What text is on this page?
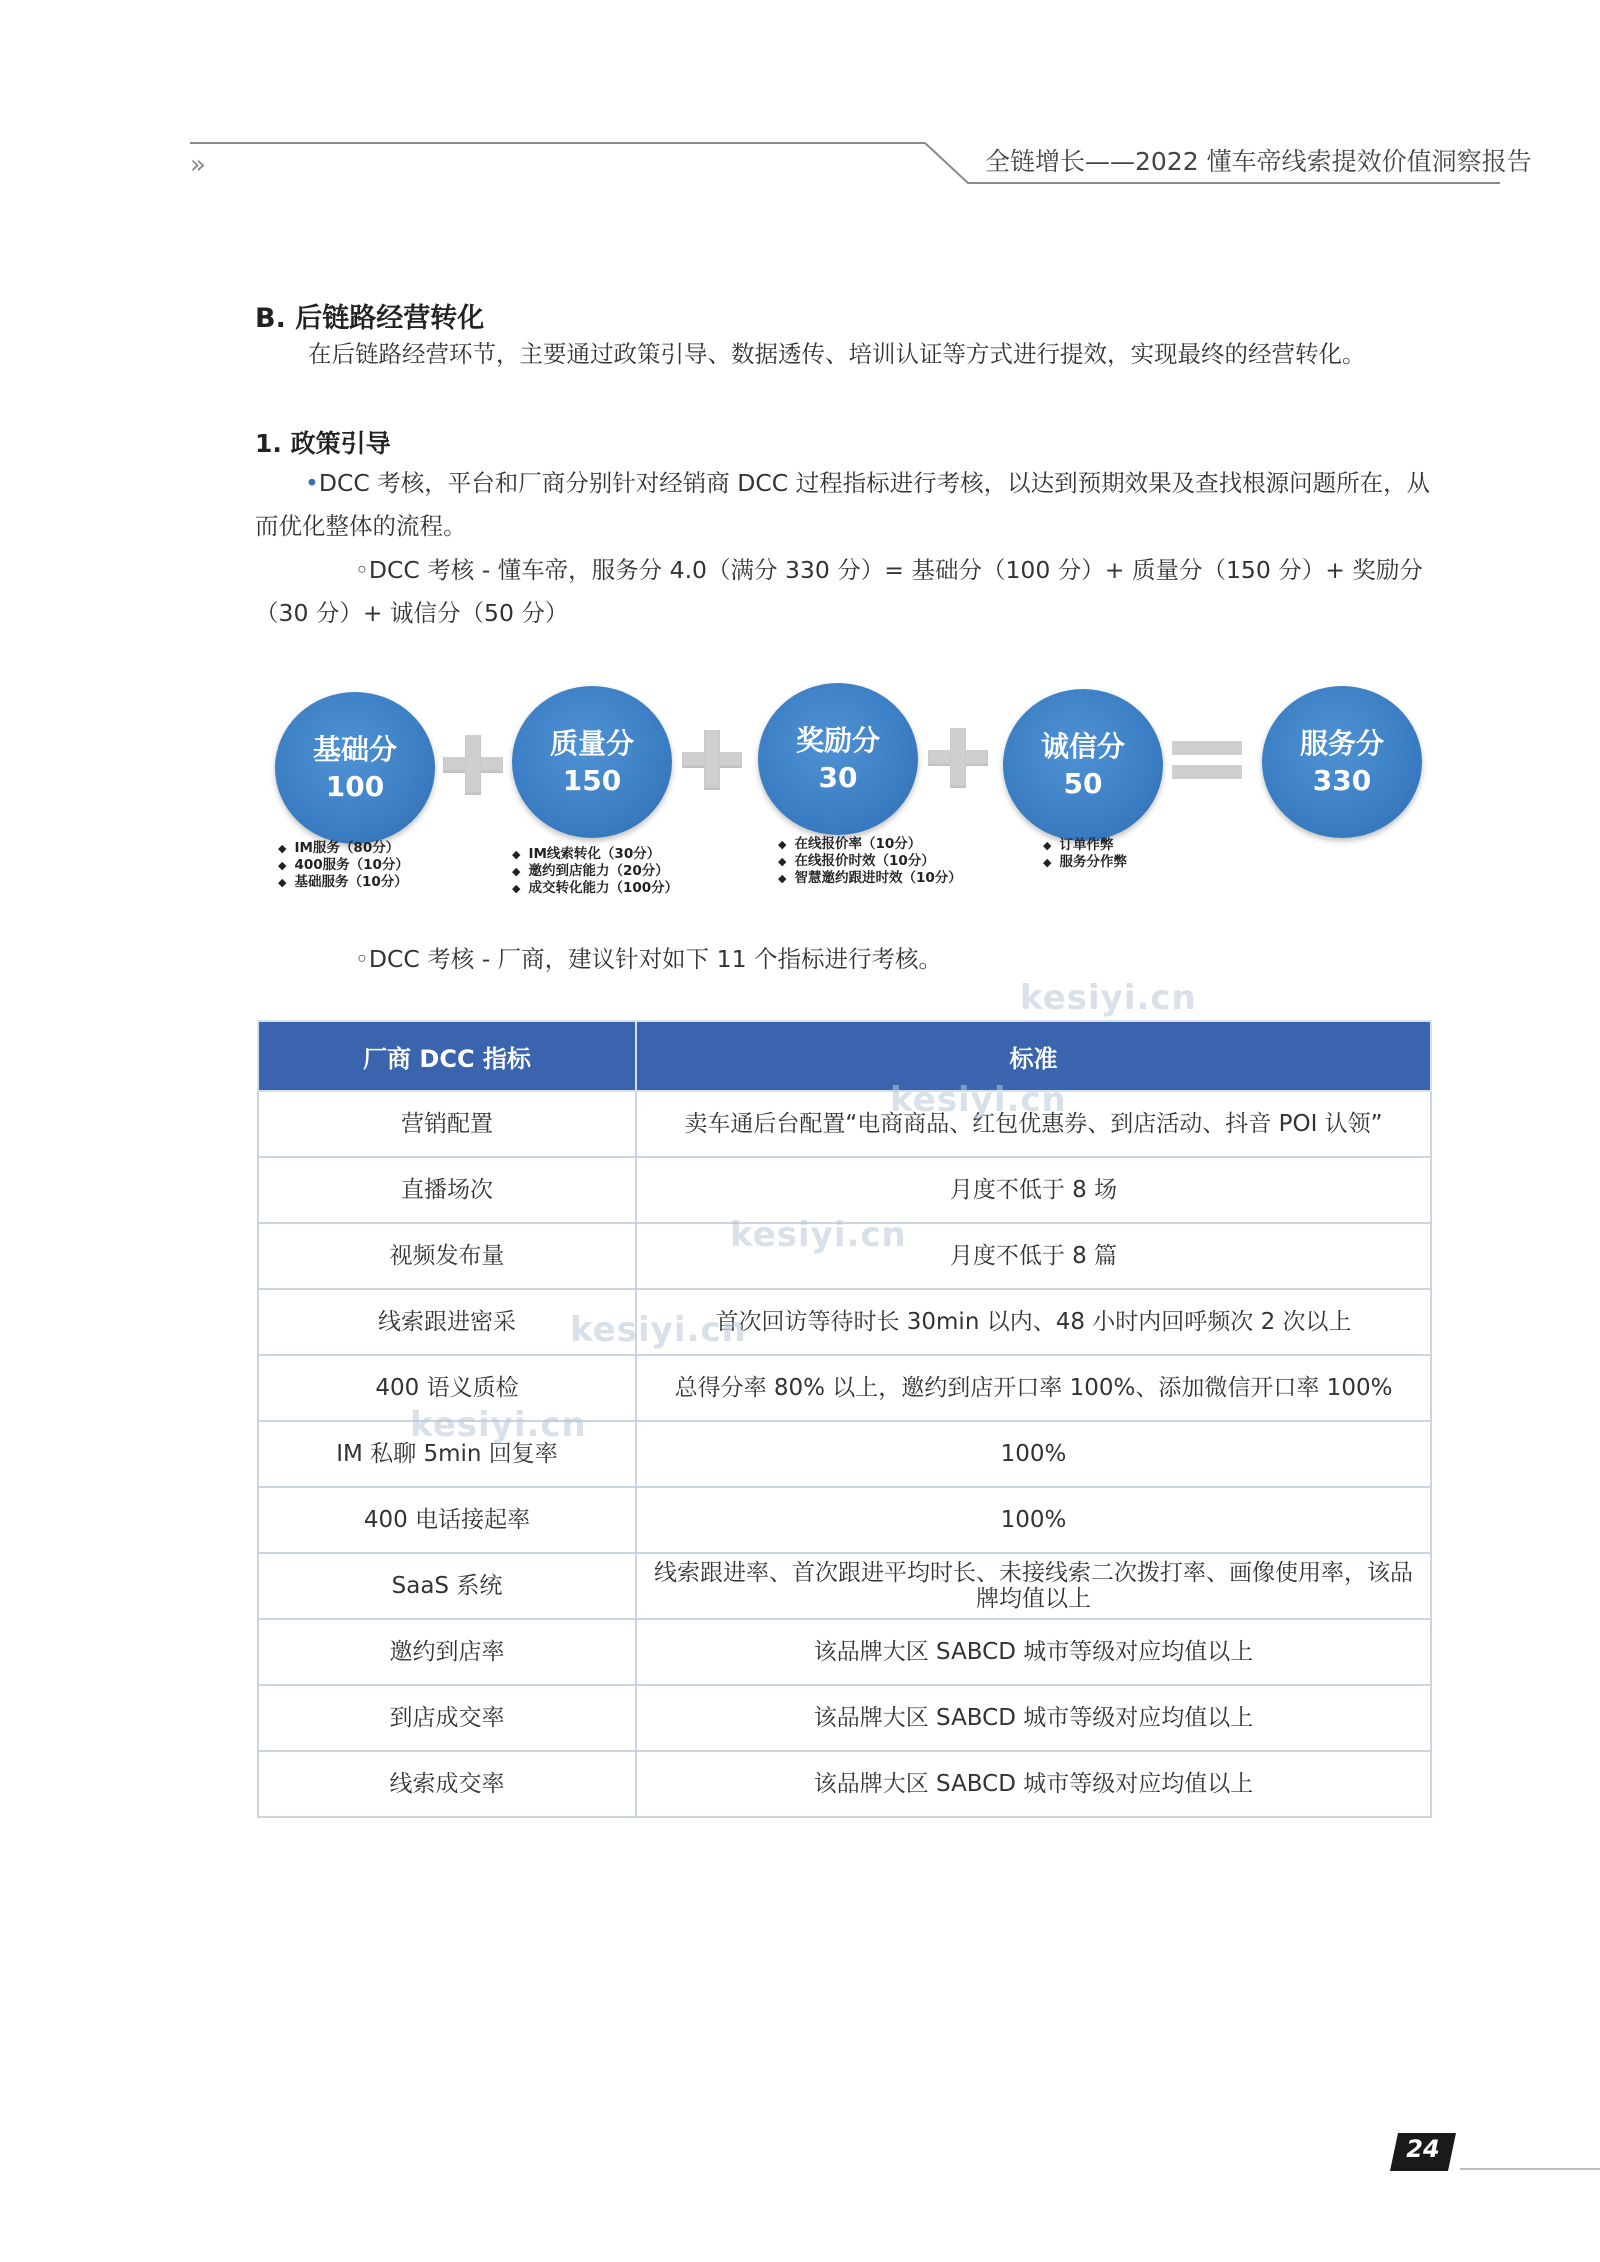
»	全链增长——2022 懂车帝线索提效价值洞察报告
B. 后链路经营转化
在后链路经营环节，主要通过政策引导、数据透传、培训认证等方式进行提效，实现最终的经营转化。
1. 政策引导
•DCC 考核，平台和厂商分别针对经销商 DCC 过程指标进行考核，以达到预期效果及查找根源问题所在，从而优化整体的流程。
◦DCC 考核 - 懂车帝，服务分 4.0（满分 330 分）= 基础分（100 分）+ 质量分（150 分）+ 奖励分（30 分）+ 诚信分（50 分）
基础分
100
质量分
150
奖励分
30
诚信分
50
服务分
330
◆ IM服务（80分）
◆ 400服务（10分）
◆ 基础服务（10分）
◆ IM线索转化（30分）
◆ 邀约到店能力（20分）
◆ 成交转化能力（100分）
◆ 在线报价率（10分）
◆ 在线报价时效（10分）
◆ 智慧邀约跟进时效（10分）
◆ 订单作弊
◆ 服务分作弊
◦DCC 考核 - 厂商，建议针对如下 11 个指标进行考核。
厂商 DCC 指标	标准
营销配置	卖车通后台配置“电商商品、红包优惠券、到店活动、抖音 POI 认领”
直播场次	月度不低于 8 场
视频发布量	月度不低于 8 篇
线索跟进密采	首次回访等待时长 30min 以内、48 小时内回呼频次 2 次以上
400 语义质检	总得分率 80% 以上，邀约到店开口率 100%、添加微信开口率 100%
IM 私聊 5min 回复率	100%
400 电话接起率	100%
SaaS 系统	线索跟进率、首次跟进平均时长、未接线索二次拨打率、画像使用率，该品牌均值以上
邀约到店率	该品牌大区 SABCD 城市等级对应均值以上
到店成交率	该品牌大区 SABCD 城市等级对应均值以上
线索成交率	该品牌大区 SABCD 城市等级对应均值以上
kesiyi.cn
kesiyi.cn
kesiyi.cn
kesiyi.cn
kesiyi.cn
24
